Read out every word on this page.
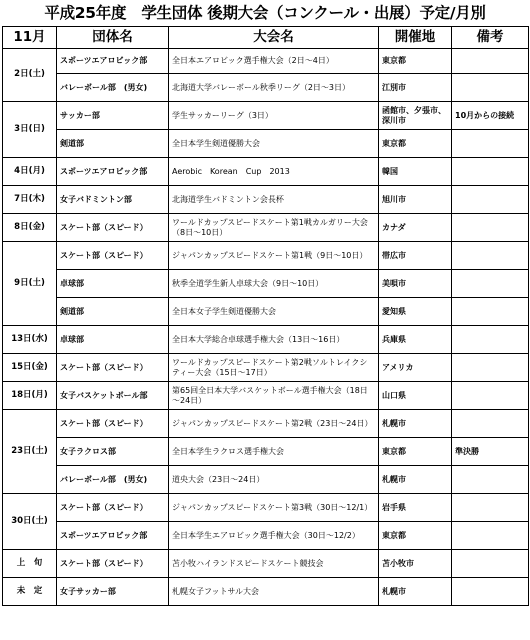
平成25年度　学生団体 後期大会（コンクール・出展）予定/月別
11月	団体名	大会名	開催地	備考
2日(土)	スポーツエアロビック部	全日本エアロビック選手権大会（2日～4日）	東京都	
	バレーボール部　(男女)	北海道大学バレーボール秋季リーグ（2日～3日）	江別市	
3日(日)	サッカー部	学生サッカーリーグ（3日）	函館市、夕張市、深川市	10月からの接続
	剣道部	全日本学生剣道優勝大会	東京都	
4日(月)	スポーツエアロビック部	Aerobic　Korean　Cup　2013	韓国	
7日(木)	女子バドミントン部	北海道学生バドミントン会長杯	旭川市	
8日(金)	スケート部（スピード）	ワールドカップスピードスケート第1戦カルガリー大会（8日～10日）	カナダ	
9日(土)	スケート部（スピード）	ジャパンカップスピードスケート第1戦（9日～10日）	帯広市	
	卓球部	秋季全道学生新人卓球大会（9日～10日）	美唄市	
	剣道部	全日本女子学生剣道優勝大会	愛知県	
13日(水)	卓球部	全日本大学総合卓球選手権大会（13日～16日）	兵庫県	
15日(金)	スケート部（スピード）	ワールドカップスピードスケート第2戦ソルトレイクシティー大会（15日～17日）	アメリカ	
18日(月)	女子バスケットボール部	第65回全日本大学バスケットボール選手権大会（18日～24日）	山口県	
23日(土)	スケート部（スピード）	ジャパンカップスピードスケート第2戦（23日～24日）	札幌市	
	女子ラクロス部	全日本学生ラクロス選手権大会	東京都	準決勝
	バレーボール部　(男女)	道央大会（23日～24日）	札幌市	
30日(土)	スケート部（スピード）	ジャパンカップスピードスケート第3戦（30日～12/1）	岩手県	
	スポーツエアロビック部	全日本学生エアロビック選手権大会（30日～12/2）	東京都	
上　旬	スケート部（スピード）	苫小牧ハイランドスピードスケート競技会	苫小牧市	
未　定	女子サッカー部	札幌女子フットサル大会	札幌市	
